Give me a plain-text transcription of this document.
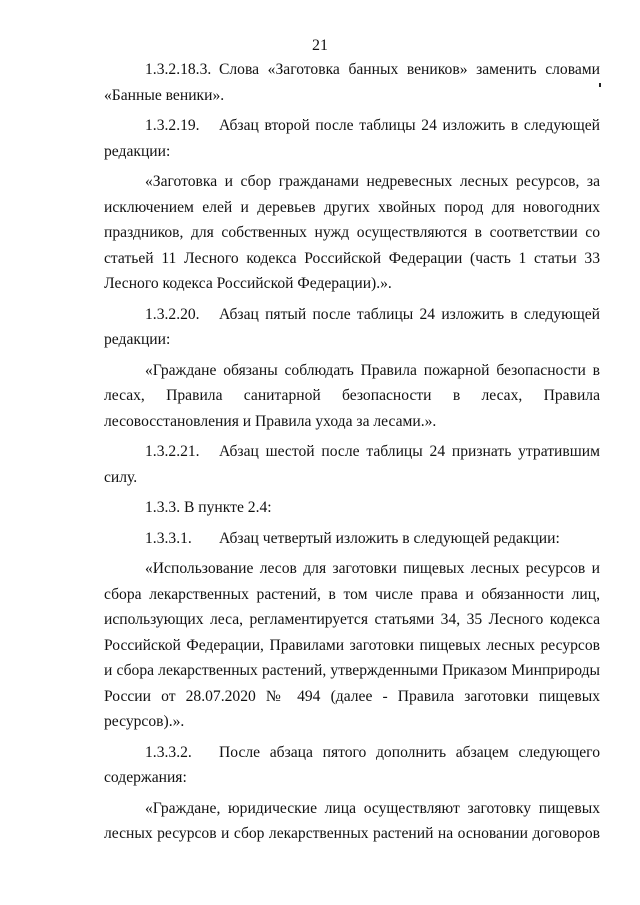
21

1.3.2.18.3. Слова «Заготовка банных веников» заменить словами «Банные веники».

1.3.2.19. Абзац второй после таблицы 24 изложить в следующей редакции:

«Заготовка и сбор гражданами недревесных лесных ресурсов, за исключением елей и деревьев других хвойных пород для новогодних праздников, для собственных нужд осуществляются в соответствии со статьей 11 Лесного кодекса Российской Федерации (часть 1 статьи 33 Лесного кодекса Российской Федерации).».

1.3.2.20. Абзац пятый после таблицы 24 изложить в следующей редакции:

«Граждане обязаны соблюдать Правила пожарной безопасности в лесах, Правила санитарной безопасности в лесах, Правила лесовосстановления и Правила ухода за лесами.».

1.3.2.21. Абзац шестой после таблицы 24 признать утратившим силу.

1.3.3. В пункте 2.4:

1.3.3.1. Абзац четвертый изложить в следующей редакции:

«Использование лесов для заготовки пищевых лесных ресурсов и сбора лекарственных растений, в том числе права и обязанности лиц, использующих леса, регламентируется статьями 34, 35 Лесного кодекса Российской Федерации, Правилами заготовки пищевых лесных ресурсов и сбора лекарственных растений, утвержденными Приказом Минприроды России от 28.07.2020 № 494 (далее - Правила заготовки пищевых ресурсов).».

1.3.3.2. После абзаца пятого дополнить абзацем следующего содержания:

«Граждане, юридические лица осуществляют заготовку пищевых лесных ресурсов и сбор лекарственных растений на основании договоров
